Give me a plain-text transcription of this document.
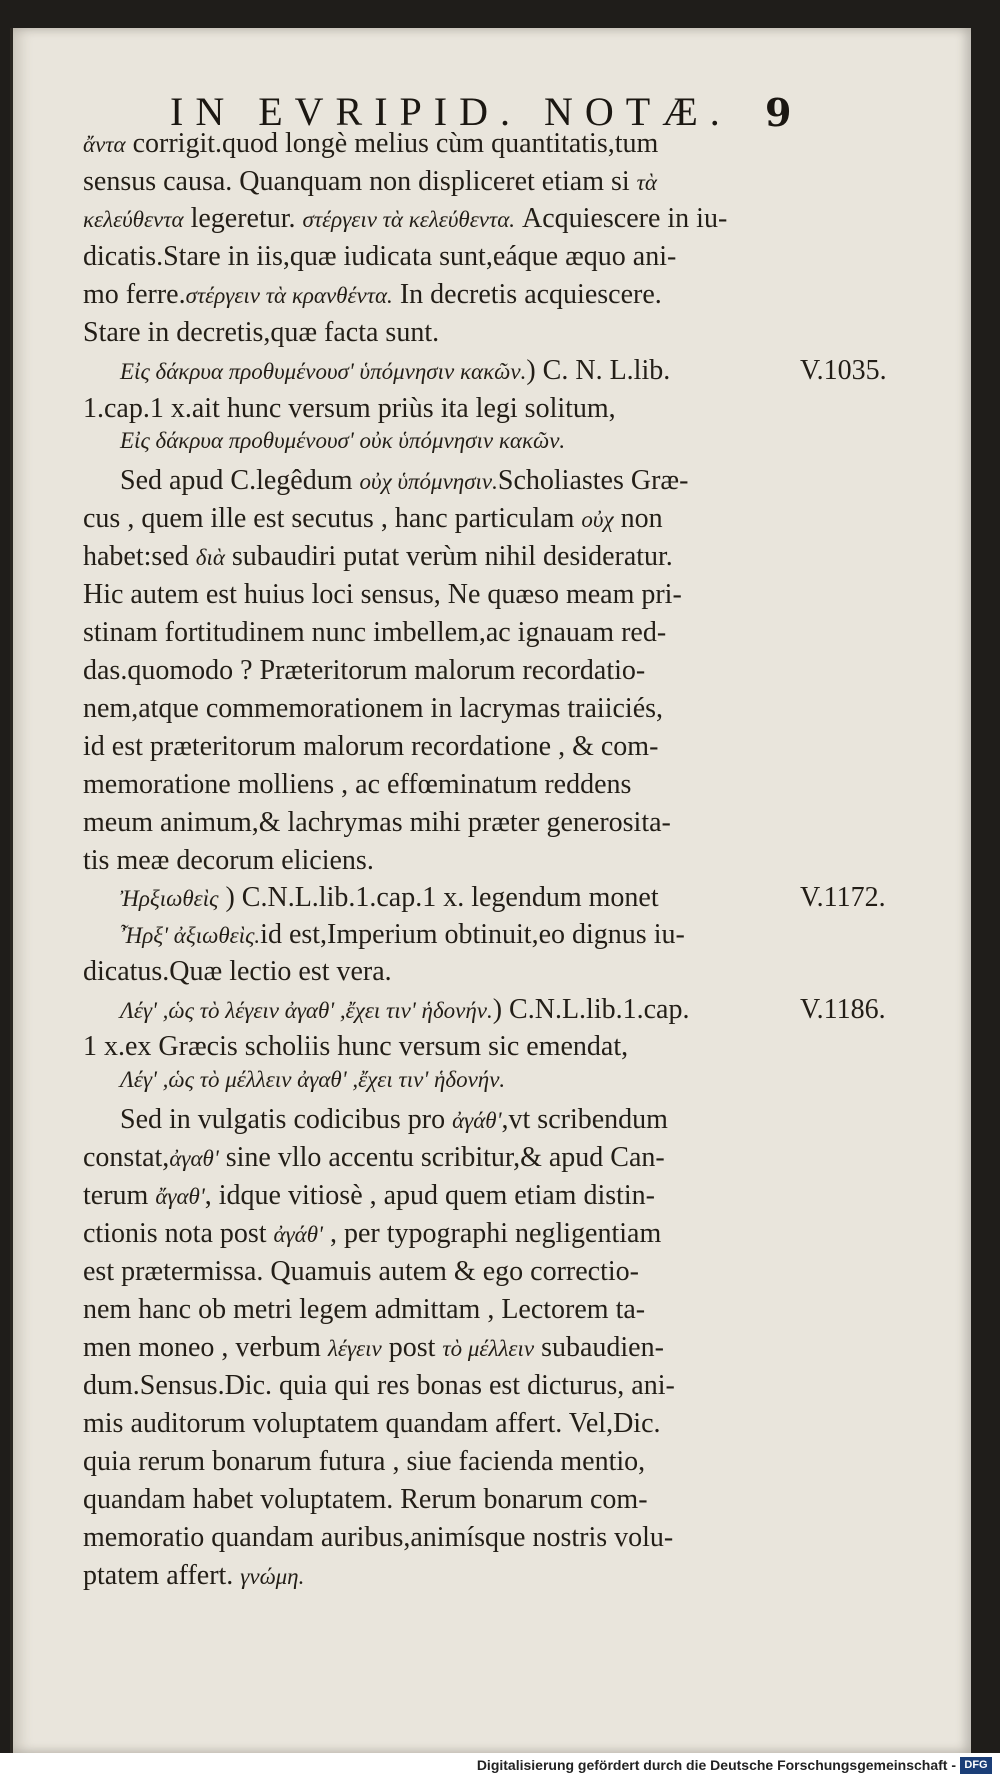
IN EVRIPID. NOTÆ. 9
ἄντα corrigit.quod longè melius cùm quantitatis,tum
sensus causa. Quanquam non displiceret etiam si τὰ
κελεύθεντα legeretur. στέργειν τὰ κελεύθεντα. Acquiescere in iu-
dicatis.Stare in iis,quæ iudicata sunt,eáque æquo ani-
mo ferre.στέργειν τὰ κρανθέντα. In decretis acquiescere.
Stare in decretis,quæ facta sunt.
Εἰς δάκρυα προθυμένουσ' ὑπόμνησιν κακῶν.) C. N. L.lib.
1.cap.1 x.ait hunc versum priùs ita legi solitum,
Εἰς δάκρυα προθυμένουσ' οὐκ ὑπόμνησιν κακῶν.
Sed apud C.legêdum οὐχ ὑπόμνησιν.Scholiastes Græ-
cus , quem ille est secutus , hanc particulam οὐχ non
habet:sed διὰ subaudiri putat verùm nihil desideratur.
Hic autem est huius loci sensus, Ne quæso meam pri-
stinam fortitudinem nunc imbellem,ac ignauam red-
das.quomodo ? Præteritorum malorum recordatio-
nem,atque commemorationem in lacrymas traiiciés,
id est præteritorum malorum recordatione , & com-
memoratione molliens , ac effœminatum reddens
meum animum,& lachrymas mihi præter generosita-
tis meæ decorum eliciens.
Ἠρξιωθεὶς ) C.N.L.lib.1.cap.1 x. legendum monet
Ἦρξ' ἀξιωθεὶς.id est,Imperium obtinuit,eo dignus iu-
dicatus.Quæ lectio est vera.
Λέγ' ,ὡς τὸ λέγειν ἀγαθ' ,ἔχει τιν' ἡδονήν.) C.N.L.lib.1.cap.
1 x.ex Græcis scholiis hunc versum sic emendat,
Λέγ' ,ὡς τὸ μέλλειν ἀγαθ' ,ἔχει τιν' ἡδονήν.
Sed in vulgatis codicibus pro ἀγάθ',vt scribendum
constat,ἀγαθ' sine vllo accentu scribitur,& apud Can-
terum ἄγαθ', idque vitiosè , apud quem etiam distin-
ctionis nota post ἀγάθ' , per typographi negligentiam
est prætermissa. Quamuis autem & ego correctio-
nem hanc ob metri legem admittam , Lectorem ta-
men moneo , verbum λέγειν post τὸ μέλλειν subaudien-
dum.Sensus.Dic. quia qui res bonas est dicturus, ani-
mis auditorum voluptatem quandam affert. Vel,Dic.
quia rerum bonarum futura , siue facienda mentio,
quandam habet voluptatem. Rerum bonarum com-
memoratio quandam auribus,animísque nostris volu-
ptatem affert. γνώμη.
V.1035.
V.1172.
V.1186.
Digitalisierung gefördert durch die Deutsche Forschungsgemeinschaft - DFG
